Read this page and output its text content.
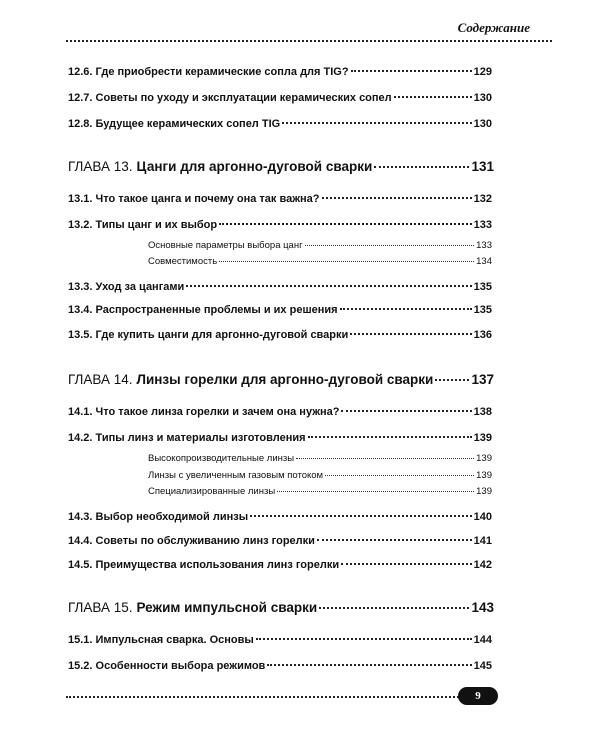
Содержание
12.6. Где приобрести керамические сопла для TIG?	129
12.7. Советы по уходу и эксплуатации керамических сопел	130
12.8. Будущее керамических сопел TIG	130
ГЛАВА 13. Цанги для аргонно-дуговой сварки	131
13.1. Что такое цанга и почему она так важна?	132
13.2. Типы цанг и их выбор	133
Основные параметры выбора цанг	133
Совместимость	134
13.3. Уход за цангами	135
13.4. Распространенные проблемы и их решения	135
13.5. Где купить цанги для аргонно-дуговой сварки	136
ГЛАВА 14. Линзы горелки для аргонно-дуговой сварки	137
14.1. Что такое линза горелки и зачем она нужна?	138
14.2. Типы линз и материалы изготовления	139
Высокопроизводительные линзы	139
Линзы с увеличенным газовым потоком	139
Специализированные линзы	139
14.3. Выбор необходимой линзы	140
14.4. Советы по обслуживанию линз горелки	141
14.5. Преимущества использования линз горелки	142
ГЛАВА 15. Режим импульсной сварки	143
15.1. Импульсная сварка. Основы	144
15.2. Особенности выбора режимов	145
9
